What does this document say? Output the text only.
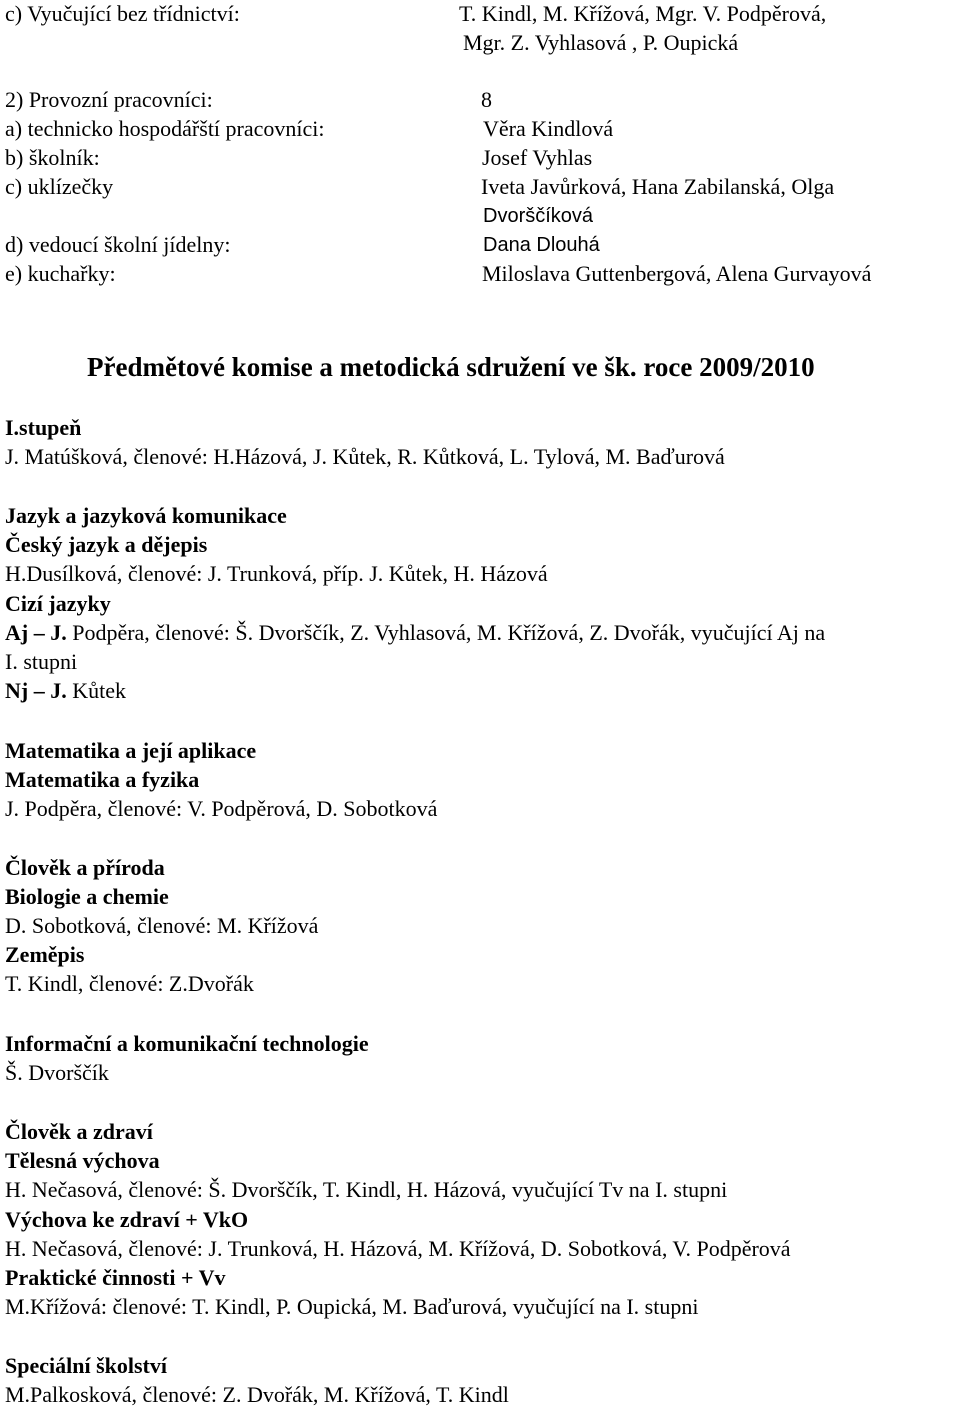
c) Vyučující bez třídnictví:	T. Kindl, M. Křížová, Mgr. V. Podpěrová,
Mgr. Z. Vyhlasová , P. Oupická
2) Provozní pracovníci:	8
a) technicko hospodářští pracovníci:	Věra Kindlová
b) školník:	Josef Vyhlas
c) uklízečky	Iveta Javůrková, Hana Zabilanská, Olga
Dvorščíková
d) vedoucí školní jídelny:	Dana Dlouhá
e) kuchařky:	Miloslava Guttenbergová, Alena Gurvayová
Předmětové komise a metodická sdružení ve šk. roce 2009/2010
I.stupeň
J. Matúšková, členové: H.Házová, J. Kůtek, R. Kůtková, L. Tylová, M. Baďurová
Jazyk a jazyková komunikace
Český jazyk a dějepis
H.Dusílková, členové: J. Trunková, příp. J. Kůtek, H. Házová
Cizí jazyky
Aj – J. Podpěra, členové: Š. Dvorščík, Z. Vyhlasová, M. Křížová, Z. Dvořák, vyučující Aj na
I. stupni
Nj – J. Kůtek
Matematika a její aplikace
Matematika a fyzika
J. Podpěra, členové: V. Podpěrová, D. Sobotková
Člověk a příroda
Biologie a chemie
D. Sobotková, členové: M. Křížová
Zeměpis
T. Kindl, členové: Z.Dvořák
Informační a komunikační technologie
Š. Dvorščík
Člověk a zdraví
Tělesná výchova
H. Nečasová, členové: Š. Dvorščík, T. Kindl, H. Házová, vyučující Tv na I. stupni
Výchova ke zdraví + VkO
H. Nečasová, členové: J. Trunková, H. Házová, M. Křížová, D. Sobotková, V. Podpěrová
Praktické činnosti + Vv
M.Křížová: členové: T. Kindl, P. Oupická, M. Baďurová, vyučující na I. stupni
Speciální školství
M.Palkosková, členové: Z. Dvořák, M. Křížová, T. Kindl
